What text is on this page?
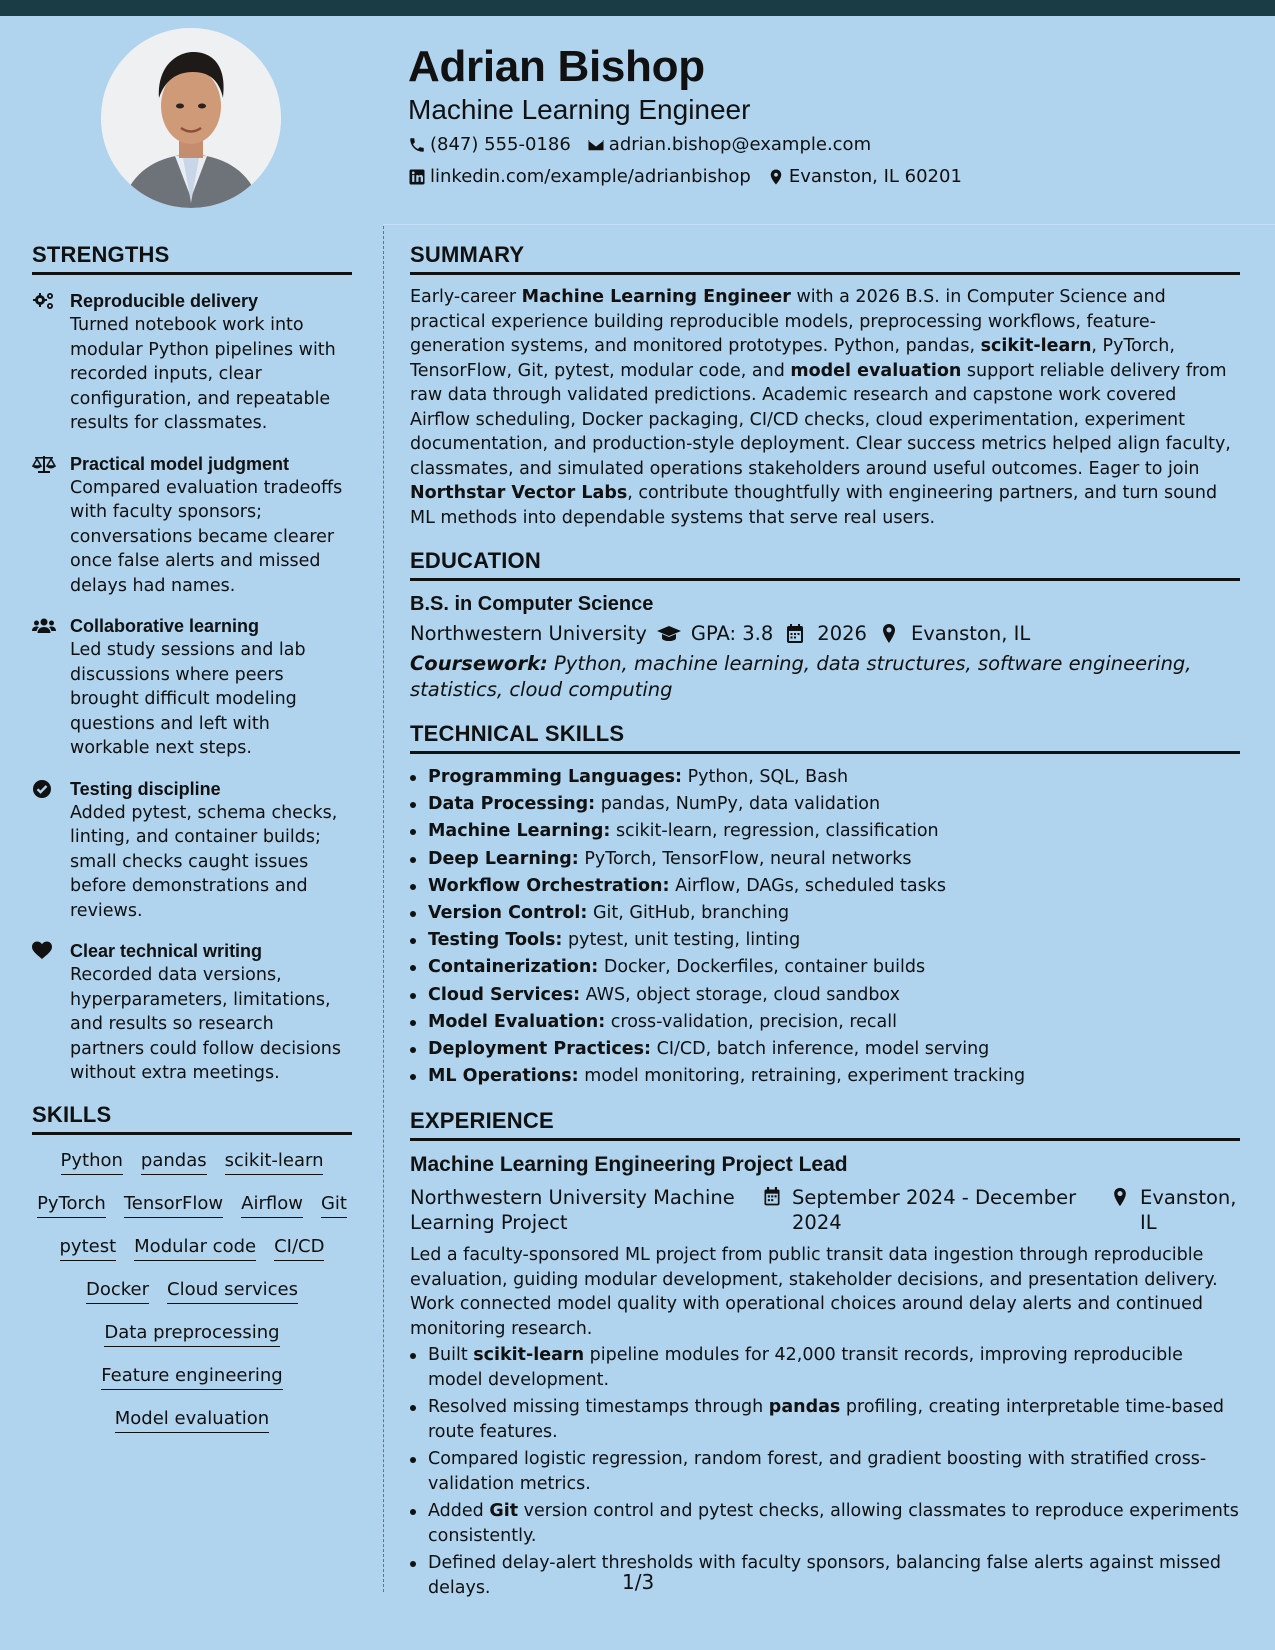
Adrian Bishop
Machine Learning Engineer
(847) 555-0186 adrian.bishop@example.com
linkedin.com/example/adrianbishop Evanston, IL 60201
STRENGTHS
Reproducible delivery
Turned notebook work into modular Python pipelines with recorded inputs, clear configuration, and repeatable results for classmates.
Practical model judgment
Compared evaluation tradeoffs with faculty sponsors; conversations became clearer once false alerts and missed delays had names.
Collaborative learning
Led study sessions and lab discussions where peers brought difficult modeling questions and left with workable next steps.
Testing discipline
Added pytest, schema checks, linting, and container builds; small checks caught issues before demonstrations and reviews.
Clear technical writing
Recorded data versions, hyperparameters, limitations, and results so research partners could follow decisions without extra meetings.
SKILLS
Python pandas scikit-learn
PyTorch TensorFlow Airflow Git
pytest Modular code CI/CD
Docker Cloud services
Data preprocessing
Feature engineering
Model evaluation
SUMMARY
Early-career Machine Learning Engineer with a 2026 B.S. in Computer Science and practical experience building reproducible models, preprocessing workflows, feature-generation systems, and monitored prototypes. Python, pandas, scikit-learn, PyTorch, TensorFlow, Git, pytest, modular code, and model evaluation support reliable delivery from raw data through validated predictions. Academic research and capstone work covered Airflow scheduling, Docker packaging, CI/CD checks, cloud experimentation, experiment documentation, and production-style deployment. Clear success metrics helped align faculty, classmates, and simulated operations stakeholders around useful outcomes. Eager to join Northstar Vector Labs, contribute thoughtfully with engineering partners, and turn sound ML methods into dependable systems that serve real users.
EDUCATION
B.S. in Computer Science
Northwestern University GPA: 3.8 2026 Evanston, IL
Coursework: Python, machine learning, data structures, software engineering, statistics, cloud computing
TECHNICAL SKILLS
Programming Languages: Python, SQL, Bash
Data Processing: pandas, NumPy, data validation
Machine Learning: scikit-learn, regression, classification
Deep Learning: PyTorch, TensorFlow, neural networks
Workflow Orchestration: Airflow, DAGs, scheduled tasks
Version Control: Git, GitHub, branching
Testing Tools: pytest, unit testing, linting
Containerization: Docker, Dockerfiles, container builds
Cloud Services: AWS, object storage, cloud sandbox
Model Evaluation: cross-validation, precision, recall
Deployment Practices: CI/CD, batch inference, model serving
ML Operations: model monitoring, retraining, experiment tracking
EXPERIENCE
Machine Learning Engineering Project Lead
Northwestern University Machine Learning Project
September 2024 - December 2024
Evanston, IL
Led a faculty-sponsored ML project from public transit data ingestion through reproducible evaluation, guiding modular development, stakeholder decisions, and presentation delivery. Work connected model quality with operational choices around delay alerts and continued monitoring research.
Built scikit-learn pipeline modules for 42,000 transit records, improving reproducible model development.
Resolved missing timestamps through pandas profiling, creating interpretable time-based route features.
Compared logistic regression, random forest, and gradient boosting with stratified cross-validation metrics.
Added Git version control and pytest checks, allowing classmates to reproduce experiments consistently.
Defined delay-alert thresholds with faculty sponsors, balancing false alerts against missed delays.	1/3
